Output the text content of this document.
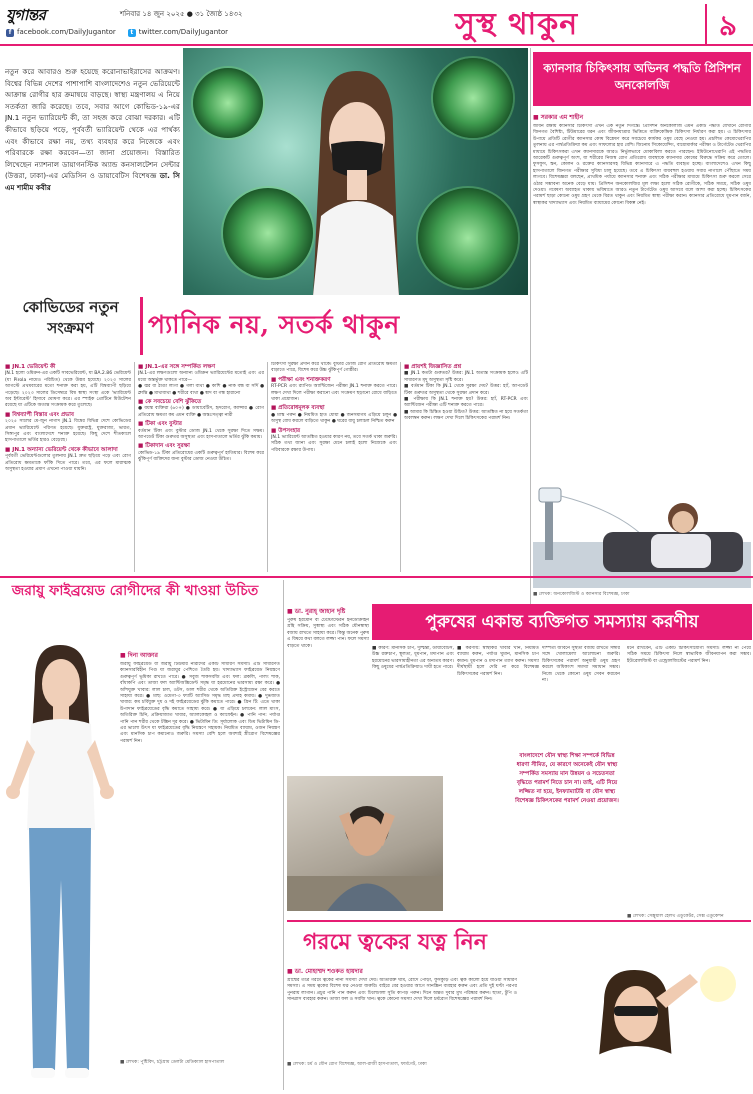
যুগান্তর	শনিবার ১৪ জুন ২০২৫ ● ৩১ জ্যৈষ্ঠ ১৪৩২
f facebook.com/DailyJugantor	t twitter.com/DailyJugantor	সুস্থ থাকুন	৯
নতুন করে আবারও শুরু হয়েছে করোনাভাইরাসের আক্রমণ। বিশ্বের বিভিন্ন দেশের পাশাপাশি বাংলাদেশেও নতুন ভেরিয়েন্টে আক্রান্ত রোগীর হার ক্রমান্বয়ে বাড়ছে। স্বাস্থ্য মন্ত্রণালয় এ নিয়ে সতর্কতা জারি করেছে। তবে, সবার আগে কোভিড-১৯-এর JN.1 নতুন ভ্যারিয়েন্ট কী, তা সহজ করে বোঝা দরকার। এটি কীভাবে ছড়িয়ে পড়ে, পূর্ববর্তী ভ্যারিয়েন্ট থেকে এর পার্থক্য এবং কীভাবে রক্ষা নয়, তথ্য ব্যবহার করে নিজেকে এবং পরিবারকে রক্ষা করবেন—তা জানা প্রয়োজন। বিস্তারিত লিখেছেন ন্যাশনাল ডায়াগনস্টিক অ্যান্ড কনসালটেশন সেন্টার (উত্তরা, ঢাকা)-এর মেডিসিন ও ডায়াবেটিস বিশেষজ্ঞ ডা. সি এম শামীম কবীর
কোভিডের নতুন সংক্রমণ	প্যানিক নয়, সতর্ক থাকুন
■ JN.1 ভেরিয়েন্ট কী
JN.1 হলো ওমিক্রন-এর একটি সাবভেরিয়েন্ট, যা BA.2.86 ভেরিয়েন্ট (যা Pirola নামেও পরিচিত) থেকে উদ্ভব হয়েছে। ২০২৩ সালের আগস্টে প্রথমবারের মতো শনাক্ত করা হয়, এটি বিশ্বব্যাপী ছড়িয়ে পড়েছে। ২০২৩ সালের ডিসেম্বরে বিশ্ব স্বাস্থ্য সংস্থা একে 'ভ্যারিয়েন্ট অব ইন্টারেস্ট' হিসাবে ঘোষণা করে। এর স্পাইক প্রোটিনে মিউটেশন রয়েছে যা এটিকে অত্যন্ত সংক্রামক করে তুলেছে।
■ বিশ্বব্যাপী বিস্তার এবং প্রভাব
২০২৫ সালের মে-জুন নাগাদ JN.1 বিশ্বের বিভিন্ন দেশে কোভিডের প্রধান ভ্যারিয়েন্টে পরিণত হয়েছে। যুক্তরাষ্ট্র, যুক্তরাজ্য, ভারত, সিঙ্গাপুর এবং বাংলাদেশে শনাক্ত হয়েছে। কিছু দেশে শীতকালে হাসপাতালে ভর্তির হারও বেড়েছে।
■ JN.1 অন্যান্য ভেরিয়েন্ট থেকে কীভাবে আলাদা
পূর্ববর্তী ভেরিয়েন্টগুলোর তুলনায় JN.1 দ্রুত ছড়িয়ে পড়ে এবং রোগ প্রতিরোধ ক্ষমতাকে ফাঁকি দিতে পারে। তবে, এর ফলে মারাত্মক অসুস্থতা হওয়ার প্রমাণ এখনো পাওয়া যায়নি।
■ JN.1-এর সঙ্গে সম্পর্কিত লক্ষণ
JN.1-এর লক্ষণগুলো অন্যান্য ওমিক্রন ভ্যারিয়েন্টের মতোই এবং এর মধ্যে অন্তর্ভুক্ত থাকতে পারে—
● জ্বর বা ঠাণ্ডা লাগা ● গলা ব্যথা ● কাশি ● নাক বন্ধ বা সর্দি ● ক্লান্তি ● মাথাব্যথা ● শরীরে ব্যথা ● স্বাদ বা গন্ধ হারানো
■ কে সবচেয়ে বেশি ঝুঁকিতে
● বয়স্ক ব্যক্তিরা (৬০+) ● ডায়াবেটিস, হৃদরোগ, ক্যান্সার ● রোগ প্রতিরোধ ক্ষমতা কম এমন ব্যক্তি ● অন্তঃসত্ত্বা নারী
■ টিকা এবং বুস্টার
বর্তমান টিকা এবং বুস্টার ডোজ JN.1 থেকে সুরক্ষা দিতে সক্ষম। আপডেট টিকা গুরুতর অসুস্থতা এবং হাসপাতালে ভর্তির ঝুঁকি কমায়।
■ টিকাদান এবং সুরক্ষা
কোভিড-১৯ টিকা প্রতিরোধের একটি গুরুত্বপূর্ণ হাতিয়ার। বিশেষ করে ঝুঁকিপূর্ণ ব্যক্তিদের জন্য বুস্টার ডোজ নেওয়া উচিত।
চিকিৎসা সুরক্ষা প্রদান করে থাকে। বুস্টার ডোজ রোগ প্রতিরোধ ক্ষমতা বাড়াতে পারে, বিশেষ করে উচ্চ ঝুঁকিপূর্ণ গোষ্ঠীর।
■ পরীক্ষা এবং শনাক্তকরণ
RT-PCR এবং র‌্যাপিড অ্যান্টিজেন পরীক্ষা JN.1 শনাক্ত করতে পারে। লক্ষণ দেখা দিলে পরীক্ষা করানো এবং সংক্রমণ ছড়ানো রোধে বাড়িতে থাকা প্রয়োজন।
■ প্রতিরোধমূলক ব্যবস্থা
● মাস্ক পরুন ● নিয়মিত হাত ধোয়া ● জনসমাগম এড়িয়ে চলুন ● অসুস্থ বোধ করলে বাড়িতে থাকুন ● ঘরের বায়ু চলাচল নিশ্চিত করুন
■ উপসংহার
JN.1 ভ্যারিয়েন্ট আতঙ্কিত হওয়ার কারণ নয়, তবে সতর্ক থাকা জরুরি। সঠিক তথ্য জানা এবং সুরক্ষা মেনে চলাই হলো নিজেকে এবং পরিবারকে রক্ষার উপায়।
■ প্রায়শই জিজ্ঞাসিত প্রশ্ন
■ JN.1 কতটা গুরুতর? উত্তর: JN.1 অত্যন্ত সংক্রামক হলেও এটি সাধারণত মৃদু অসুস্থতা সৃষ্টি করে।
■ বর্তমান টিকা কি JN.1 থেকে সুরক্ষা দেয়? উত্তর: হ্যাঁ, আপডেট টিকা গুরুতর অসুস্থতা থেকে সুরক্ষা প্রদান করে।
■ পরীক্ষায় কি JN.1 শনাক্ত হয়? উত্তর: হ্যাঁ, RT-PCR এবং অ্যান্টিজেন পরীক্ষা এটি শনাক্ত করতে পারে।
■ আমার কি চিন্তিত হওয়া উচিত? উত্তর: আতঙ্কিত না হয়ে সতর্কতা অবলম্বন করুন। লক্ষণ দেখা দিলে চিকিৎসকের পরামর্শ নিন।
ক্যানসার চিকিৎসায় অভিনব পদ্ধতি প্রিসিশন অনকোলজি
■ সরকার এম শাহীন
জীবন রক্ষায় ক্যানসার চিকিৎসা এখন এক নতুন দিগন্তে। প্রিসিশন অনকোলজি এমন একটি পদ্ধতি যেখানে রোগীর জিনগত বৈশিষ্ট্য, টিউমারের ধরন এবং জীবনযাত্রার ভিত্তিতে ব্যক্তিকেন্দ্রিক চিকিৎসা নির্ধারণ করা হয়। এ চিকিৎসার উপায়ে প্রতিটি রোগীর ক্যানসার কোষ বিশ্লেষণ করে সবচেয়ে কার্যকর ওষুধ বেছে নেওয়া হয়। প্রচলিত কেমোথেরাপির তুলনায় এর পার্শ্বপ্রতিক্রিয়া কম এবং সাফল্যের হার বেশি। জিনোম সিকোয়েন্সিং, বায়োমার্কার পরীক্ষা ও টার্গেটেড থেরাপির মাধ্যমে চিকিৎসকরা এখন ক্যানসারকে আরও নির্ভুলভাবে মোকাবিলা করতে পারছেন। ইমিউনোথেরাপি এই পদ্ধতির আরেকটি গুরুত্বপূর্ণ অংশ, যা শরীরের নিজস্ব রোগ প্রতিরোধ ব্যবস্থাকে ক্যানসার কোষের বিরুদ্ধে সক্রিয় করে তোলে। ফুসফুস, স্তন, কোলন ও রক্তের ক্যানসারসহ বিভিন্ন ক্যানসারে এ পদ্ধতি ব্যবহৃত হচ্ছে। বাংলাদেশেও এখন কিছু হাসপাতালে জিনগত পরীক্ষার সুবিধা চালু হয়েছে। তবে এ চিকিৎসা ব্যয়বহুল হওয়ায় সবার নাগালে পৌঁছাতে সময় লাগবে। বিশেষজ্ঞরা বলছেন, প্রাথমিক পর্যায়ে ক্যানসার শনাক্ত এবং সঠিক পরীক্ষার মাধ্যমে চিকিৎসা শুরু করলে সেরে ওঠার সম্ভাবনা অনেক বেড়ে যায়। প্রিসিশন অনকোলজির মূল লক্ষ্য হলো সঠিক রোগীকে, সঠিক সময়ে, সঠিক ওষুধ দেওয়া। গবেষণা অব্যাহত থাকায় ভবিষ্যতে আরও নতুন টার্গেটেড ওষুধ আসবে বলে আশা করা হচ্ছে। চিকিৎসকের পরামর্শ ছাড়া কোনো ওষুধ গ্রহণ থেকে বিরত থাকুন এবং নিয়মিত স্বাস্থ্য পরীক্ষা করান। ক্যানসার প্রতিরোধে ধূমপান বর্জন, স্বাস্থ্যকর খাদ্যাভ্যাস এবং নিয়মিত ব্যায়ামের কোনো বিকল্প নেই।
■ লেখক: অনকোলজিস্ট ও ক্যানসার বিশেষজ্ঞ, ঢাকা
জরায়ু ফাইব্রয়েড রোগীদের কী খাওয়া উচিত
■ দিনা আক্তার
জরায়ু ফাইব্রয়েড বা জরায়ু টিউমার নারীদের একটি সাধারণ সমস্যা। এটি সাধারণত ক্যানসারবিহীন পিণ্ড যা জরায়ুর পেশিতে তৈরি হয়। খাদ্যাভ্যাস ফাইব্রয়েড নিয়ন্ত্রণে গুরুত্বপূর্ণ ভূমিকা রাখতে পারে। ● সবুজ শাকসবজি এবং ফল: ব্রকলি, পালং শাক, বাঁধাকপি এবং তাজা ফল অ্যান্টিঅক্সিডেন্ট সমৃদ্ধ যা হরমোনের ভারসাম্য রক্ষা করে। ● আঁশযুক্ত খাবার: লাল চাল, ওটস, ডাল শরীর থেকে অতিরিক্ত ইস্ট্রোজেন বের করতে সাহায্য করে। ● মাছ: ওমেগা-৩ ফ্যাটি অ্যাসিড সমৃদ্ধ মাছ প্রদাহ কমায়। ● দুগ্ধজাত খাবার: কম চর্বিযুক্ত দুধ ও দই ফাইব্রয়েডের ঝুঁকি কমাতে পারে। ● গ্রিন টি: এতে থাকা উপাদান ফাইব্রয়েডের বৃদ্ধি কমাতে সাহায্য করে। ● যা এড়িয়ে চলবেন: লাল মাংস, অতিরিক্ত চিনি, প্রক্রিয়াজাত খাবার, অ্যালকোহল ও ক্যাফেইন। ● পানি পান: পর্যাপ্ত পানি পান শরীর থেকে টক্সিন দূর করে। ● ভিটামিন ডি: সূর্যালোক এবং ডিম ভিটামিন ডি-এর ভালো উৎস যা ফাইব্রয়েডের বৃদ্ধি নিয়ন্ত্রণে সহায়ক। নিয়মিত ব্যায়াম, ওজন নিয়ন্ত্রণ এবং মানসিক চাপ কমানোও জরুরি। সমস্যা বেশি হলে অবশ্যই স্ত্রীরোগ বিশেষজ্ঞের পরামর্শ নিন।
■ লেখক: পুষ্টিবিদ, চট্টগ্রাম ডেলটা মেডিক্যাল হাসপাতাল
পুরুষের একান্ত ব্যক্তিগত সমস্যায় করণীয়
■ ডা. নুরাহ্‌ জাহান দৃষ্টি
পুরুষ হরমোন বা টেস্টোস্টেরন ইনডোক্রাইন গ্রন্থি সক্রিয়, সুস্বাস্থ্য এবং সঠিক যৌনস্বাস্থ্য বজায় রাখতে সাহায্য করে। কিন্তু অনেক পুরুষ এ বিষয়ে কথা বলতে লজ্জা পান। ফলে সমস্যা বাড়তে থাকে।	■ কারণ: মানসিক চাপ, দুশ্চিন্তা, ডায়াবেটিস, উচ্চ রক্তচাপ, স্থূলতা, ধূমপান, মদ্যপান এবং হরমোনের ভারসাম্যহীনতা এর অন্যতম কারণ। কিছু ওষুধের পার্শ্বপ্রতিক্রিয়াও দায়ী হতে পারে।
■ করণীয়: স্বাস্থ্যকর খাবার খান, নিয়মিত ব্যায়াম করুন, পর্যাপ্ত ঘুমান, মানসিক চাপ কমান। ধূমপান ও মদ্যপান ত্যাগ করুন। সমস্যা দীর্ঘস্থায়ী হলে দেরি না করে বিশেষজ্ঞ চিকিৎসকের পরামর্শ নিন।
দাম্পত্য জীবনে সুস্থতা বজায় রাখতে সঙ্গীর সঙ্গে খোলামেলা আলোচনা জরুরি। চিকিৎসকের পরামর্শ অনুযায়ী ওষুধ গ্রহণ করলে অধিকাংশ সমস্যা সমাধান সম্ভব। নিজে থেকে কোনো ওষুধ সেবন করবেন না।
মনে রাখবেন, এটি একটি চিকিৎসাযোগ্য সমস্যা। লজ্জা না পেয়ে সঠিক সময়ে চিকিৎসা নিলে স্বাভাবিক জীবনযাপন করা সম্ভব। ইউরোলজিস্ট বা এন্ড্রোলজিস্টের পরামর্শ নিন।
বাংলাদেশে যৌন স্বাস্থ্য শিক্ষা সম্পর্কে বিভিন্ন ধারণা সীমিত, যে কারণে অনেকেই যৌন স্বাস্থ্য সম্পর্কিত সমস্যায় মান উন্নয়ন ও সচেতনতা বৃদ্ধিতে পরামর্শ নিতে চান না। তাই, এটি নিয়ে লজ্জিত না হয়ে, ইনফ্যাম্যাটরি বা যৌন স্বাস্থ্য বিশেষজ্ঞ চিকিৎসকের পরামর্শ নেওয়া প্রয়োজন।
■ লেখক: সেক্সুয়াল হেলথ এডুকেটর, সেক্স এডুকেশন
গরমে ত্বকের যত্ন নিন
■ ডা. মোহাম্মদ শওকত হায়দার
গ্রীষ্মের তীব্র গরমে ত্বকের নানা সমস্যা দেখা দেয়। অতিরিক্ত ঘাম, রোদে পোড়া, ফুসকুড়ি এবং ত্বক কালো হয়ে যাওয়া সাধারণ সমস্যা। এ সময় ত্বকের বিশেষ যত্ন নেওয়া জরুরি। বাইরে বের হওয়ার আগে সানস্ক্রিন ব্যবহার করুন এবং প্রতি দুই ঘণ্টা পরপর পুনরায় লাগান। প্রচুর পানি পান করুন এবং ঢিলেঢালা সুতি কাপড় পরুন। দিনে অন্তত দুবার মুখ পরিষ্কার করুন। ছাতা, টুপি ও সানগ্লাস ব্যবহার করুন। তাজা ফল ও সবজি খান। ত্বকে কোনো সমস্যা দেখা দিলে চর্মরোগ বিশেষজ্ঞের পরামর্শ নিন।
■ লেখক: চর্ম ও যৌন রোগ বিশেষজ্ঞ, আল-রাজী হাসপাতাল, ফার্মগেট, ঢাকা
